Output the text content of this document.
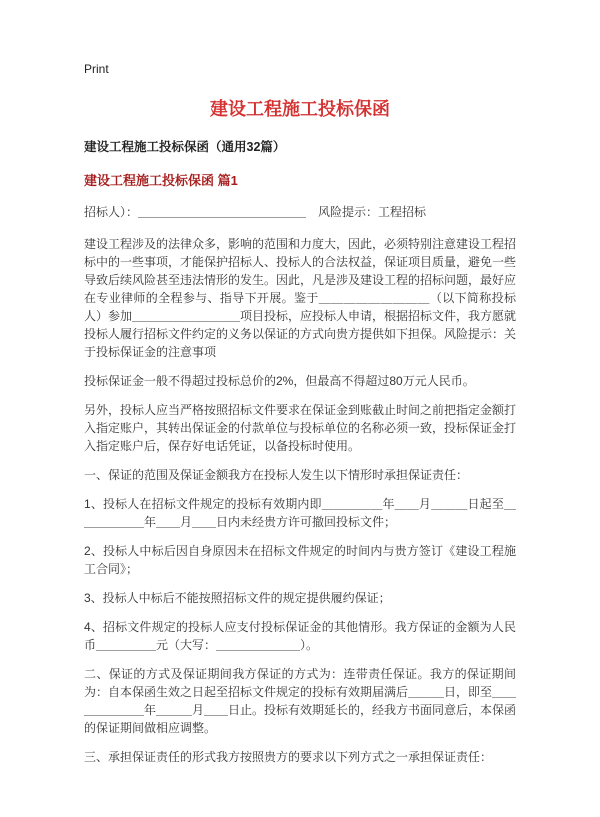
Print
建设工程施工投标保函
建设工程施工投标保函（通用32篇）
建设工程施工投标保函 篇1

招标人）：＿＿＿＿＿＿＿＿＿＿＿＿＿＿　风险提示：工程招标

建设工程涉及的法律众多，影响的范围和力度大，因此，必须特别注意建设工程招标中的一些事项，才能保护招标人、投标人的合法权益，保证项目质量，避免一些导致后续风险甚至违法情形的发生。因此，凡是涉及建设工程的招标问题，最好应在专业律师的全程参与、指导下开展。鉴于＿＿＿＿＿＿＿＿＿（以下简称投标人）参加＿＿＿＿＿＿＿＿＿项目投标，应投标人申请，根据招标文件，我方愿就投标人履行招标文件约定的义务以保证的方式向贵方提供如下担保。风险提示：关于投标保证金的注意事项

投标保证金一般不得超过投标总价的2%，但最高不得超过80万元人民币。

另外，投标人应当严格按照招标文件要求在保证金到账截止时间之前把指定金额打入指定账户，其转出保证金的付款单位与投标单位的名称必须一致，投标保证金打入指定账户后，保存好电话凭证，以备投标时使用。

一、保证的范围及保证金额我方在投标人发生以下情形时承担保证责任：

1、投标人在招标文件规定的投标有效期内即＿＿＿＿＿年＿＿月＿＿＿日起至＿＿＿＿＿＿年＿＿月＿＿日内未经贵方许可撤回投标文件；

2、投标人中标后因自身原因未在招标文件规定的时间内与贵方签订《建设工程施工合同》；

3、投标人中标后不能按照招标文件的规定提供履约保证；

4、招标文件规定的投标人应支付投标保证金的其他情形。我方保证的金额为人民币＿＿＿＿＿元（大写：＿＿＿＿＿＿＿）。

二、保证的方式及保证期间我方保证的方式为：连带责任保证。我方的保证期间为：自本保函生效之日起至招标文件规定的投标有效期届满后＿＿＿日，即至＿＿＿＿＿＿＿年＿＿＿月＿＿日止。投标有效期延长的，经我方书面同意后，本保函的保证期间做相应调整。

三、承担保证责任的形式我方按照贵方的要求以下列方式之一承担保证责任：
